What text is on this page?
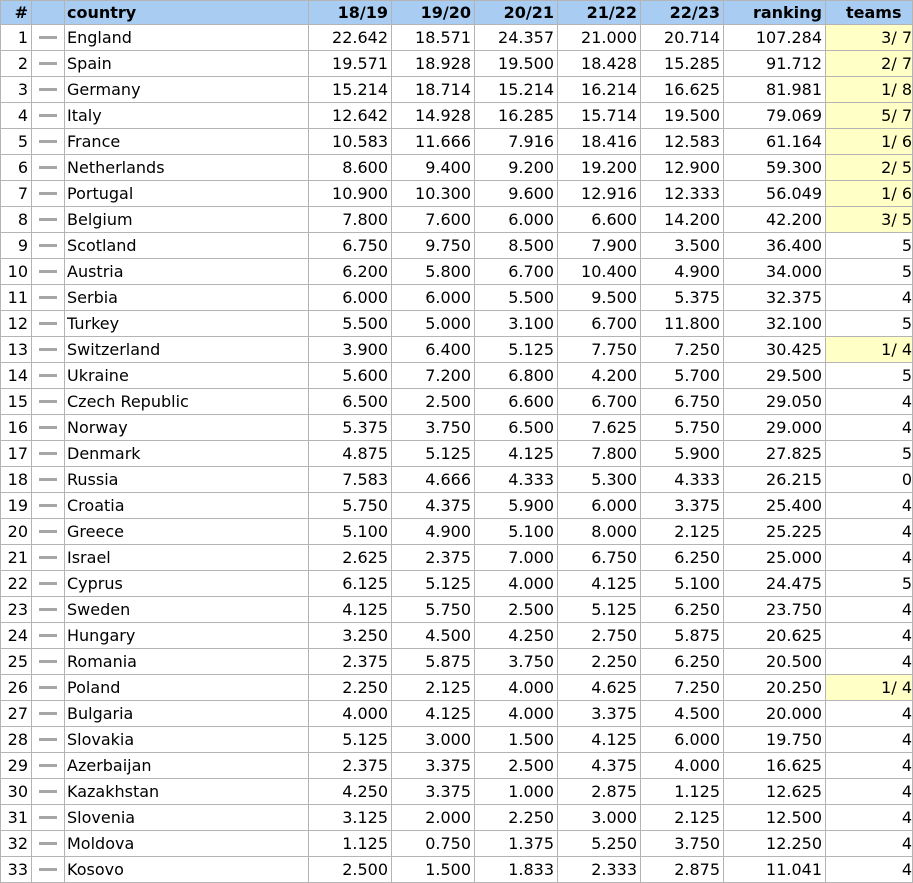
#		country	18/19	19/20	20/21	21/22	22/23	ranking	teams
1		England	22.642	18.571	24.357	21.000	20.714	107.284	3/ 7
2		Spain	19.571	18.928	19.500	18.428	15.285	91.712	2/ 7
3		Germany	15.214	18.714	15.214	16.214	16.625	81.981	1/ 8
4		Italy	12.642	14.928	16.285	15.714	19.500	79.069	5/ 7
5		France	10.583	11.666	7.916	18.416	12.583	61.164	1/ 6
6		Netherlands	8.600	9.400	9.200	19.200	12.900	59.300	2/ 5
7		Portugal	10.900	10.300	9.600	12.916	12.333	56.049	1/ 6
8		Belgium	7.800	7.600	6.000	6.600	14.200	42.200	3/ 5
9		Scotland	6.750	9.750	8.500	7.900	3.500	36.400	5
10		Austria	6.200	5.800	6.700	10.400	4.900	34.000	5
11		Serbia	6.000	6.000	5.500	9.500	5.375	32.375	4
12		Turkey	5.500	5.000	3.100	6.700	11.800	32.100	5
13		Switzerland	3.900	6.400	5.125	7.750	7.250	30.425	1/ 4
14		Ukraine	5.600	7.200	6.800	4.200	5.700	29.500	5
15		Czech Republic	6.500	2.500	6.600	6.700	6.750	29.050	4
16		Norway	5.375	3.750	6.500	7.625	5.750	29.000	4
17		Denmark	4.875	5.125	4.125	7.800	5.900	27.825	5
18		Russia	7.583	4.666	4.333	5.300	4.333	26.215	0
19		Croatia	5.750	4.375	5.900	6.000	3.375	25.400	4
20		Greece	5.100	4.900	5.100	8.000	2.125	25.225	4
21		Israel	2.625	2.375	7.000	6.750	6.250	25.000	4
22		Cyprus	6.125	5.125	4.000	4.125	5.100	24.475	5
23		Sweden	4.125	5.750	2.500	5.125	6.250	23.750	4
24		Hungary	3.250	4.500	4.250	2.750	5.875	20.625	4
25		Romania	2.375	5.875	3.750	2.250	6.250	20.500	4
26		Poland	2.250	2.125	4.000	4.625	7.250	20.250	1/ 4
27		Bulgaria	4.000	4.125	4.000	3.375	4.500	20.000	4
28		Slovakia	5.125	3.000	1.500	4.125	6.000	19.750	4
29		Azerbaijan	2.375	3.375	2.500	4.375	4.000	16.625	4
30		Kazakhstan	4.250	3.375	1.000	2.875	1.125	12.625	4
31		Slovenia	3.125	2.000	2.250	3.000	2.125	12.500	4
32		Moldova	1.125	0.750	1.375	5.250	3.750	12.250	4
33		Kosovo	2.500	1.500	1.833	2.333	2.875	11.041	4
